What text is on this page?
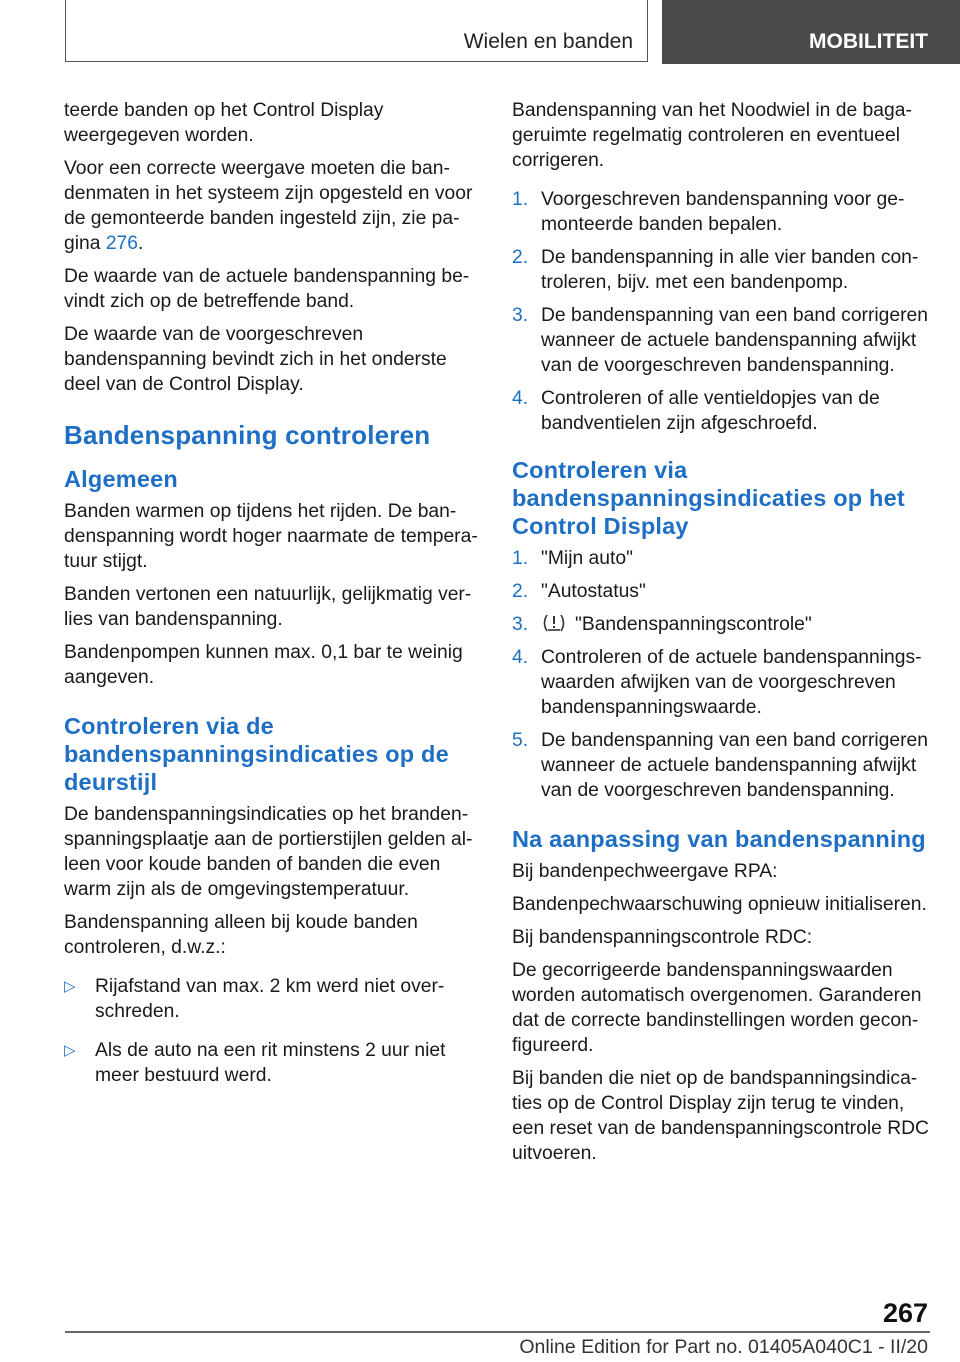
Wielen en banden	MOBILITEIT

teerde banden op het Control Display weergegeven worden.

Voor een correcte weergave moeten die bandenmaten in het systeem zijn opgesteld en voor de gemonteerde banden ingesteld zijn, zie pagina 276.

De waarde van de actuele bandenspanning bevindt zich op de betreffende band.

De waarde van de voorgeschreven bandenspanning bevindt zich in het onderste deel van de Control Display.

Bandenspanning controleren
Algemeen

Banden warmen op tijdens het rijden. De bandenspanning wordt hoger naarmate de temperatuur stijgt.

Banden vertonen een natuurlijk, gelijkmatig verlies van bandenspanning.

Bandenpompen kunnen max. 0,1 bar te weinig aangeven.

Controleren via de bandenspanningsindicaties op de deurstijl

De bandenspanningsindicaties op het brandenspanningsplaatje aan de portierstijlen gelden alleen voor koude banden of banden die even warm zijn als de omgevingstemperatuur.

Bandenspanning alleen bij koude banden controleren, d.w.z.:

▷	Rijafstand van max. 2 km werd niet overschreden.
▷	Als de auto na een rit minstens 2 uur niet meer bestuurd werd.

Bandenspanning van het Noodwiel in de bagageruimte regelmatig controleren en eventueel corrigeren.

1. Voorgeschreven bandenspanning voor gemonteerde banden bepalen.
2. De bandenspanning in alle vier banden controleren, bijv. met een bandenpomp.
3. De bandenspanning van een band corrigeren wanneer de actuele bandenspanning afwijkt van de voorgeschreven bandenspanning.
4. Controleren of alle ventieldopjes van de bandventielen zijn afgeschroefd.
Controleren via bandenspanningsindicaties op het Control Display
1. "Mijn auto"
2. "Autostatus"
3.	"Bandenspanningscontrole"
4. Controleren of de actuele bandenspanningswaarden afwijken van de voorgeschreven bandenspanningswaarde.
5. De bandenspanning van een band corrigeren wanneer de actuele bandenspanning afwijkt van de voorgeschreven bandenspanning.
Na aanpassing van bandenspanning

Bij bandenpechweergave RPA:

Bandenpechwaarschuwing opnieuw initialiseren.

Bij bandenspanningscontrole RDC:

De gecorrigeerde bandenspanningswaarden worden automatisch overgenomen. Garanderen dat de correcte bandinstellingen worden geconfigureerd.

Bij banden die niet op de bandspanningsindicaties op de Control Display zijn terug te vinden, een reset van de bandenspanningscontrole RDC uitvoeren.

267
Online Edition for Part no. 01405A040C1 - II/20
